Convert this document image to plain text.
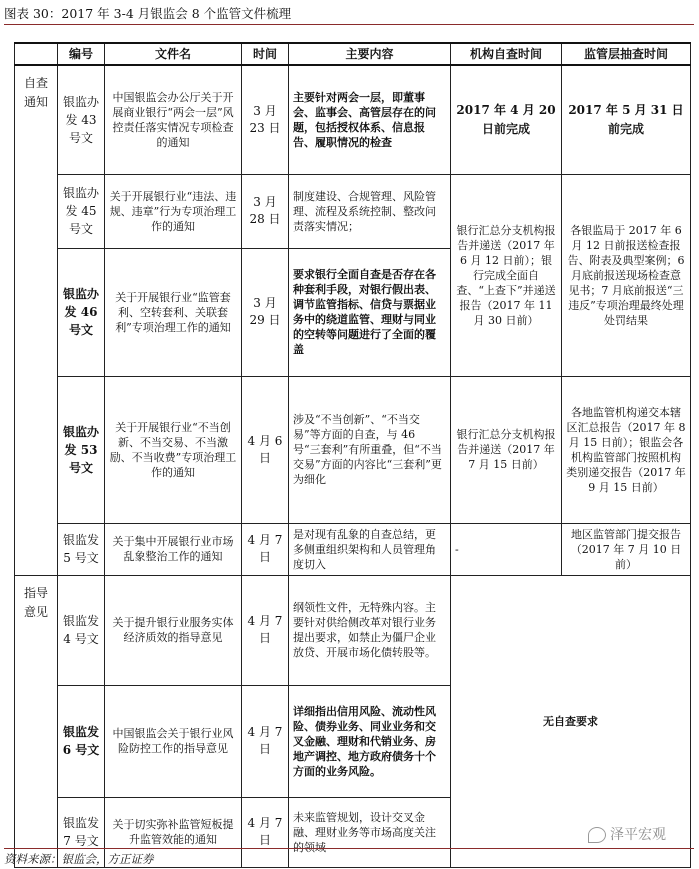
图表 30：2017 年 3-4 月银监会 8 个监管文件梳理
	编号	文件名	时间	主要内容	机构自查时间	监管层抽查时间
自查通知	银监办发 43 号文	中国银监会办公厅关于开展商业银行“两会一层”风控责任落实情况专项检查的通知	3 月 23 日	主要针对两会一层，即董事会、监事会、高管层存在的问题，包括授权体系、信息报告、履职情况的检查	2017 年 4 月 20 日前完成	2017 年 5 月 31 日前完成
	银监办发 45 号文	关于开展银行业“违法、违规、违章”行为专项治理工作的通知	3 月 28 日	制度建设、合规管理、风险管理、流程及系统控制、整改问责落实情况；	银行汇总分支机构报告并递送（2017 年 6 月 12 日前）；银行完成全面自查、“上查下”并递送报告（2017 年 11 月 30 日前）	各银监局于 2017 年 6 月 12 日前报送检查报告、附表及典型案例；6 月底前报送现场检查意见书；7 月底前报送“三违反”专项治理最终处理处罚结果
	银监办发 46 号文	关于开展银行业“监管套利、空转套利、关联套利”专项治理工作的通知	3 月 29 日	要求银行全面自查是否存在各种套利手段，对银行假出表、调节监管指标、信贷与票据业务中的绕道监管、理财与同业的空转等问题进行了全面的覆盖		
	银监办发 53 号文	关于开展银行业“不当创新、不当交易、不当激励、不当收费”专项治理工作的通知	4 月 6 日	涉及“不当创新”、“不当交易”等方面的自查，与 46 号“三套利”有所重叠，但“不当交易”方面的内容比“三套利”更为细化	银行汇总分支机构报告并递送（2017 年 7 月 15 日前）	各地监管机构递交本辖区汇总报告（2017 年 8 月 15 日前）；银监会各机构监管部门按照机构类别递交报告（2017 年 9 月 15 日前）
	银监发 5 号文	关于集中开展银行业市场乱象整治工作的通知	4 月 7 日	是对现有乱象的自查总结，更多侧重组织架构和人员管理角度切入	-	地区监管部门提交报告（2017 年 7 月 10 日前）
指导意见	银监发 4 号文	关于提升银行业服务实体经济质效的指导意见	4 月 7 日	纲领性文件，无特殊内容。主要针对供给侧改革对银行业务提出要求，如禁止为僵尸企业放贷、开展市场化债转股等。	无自查要求	
	银监发 6 号文	中国银监会关于银行业风险防控工作的指导意见	4 月 7 日	详细指出信用风险、流动性风险、债券业务、同业业务和交叉金融、理财和代销业务、房地产调控、地方政府债务十个方面的业务风险。		
	银监发 7 号文	关于切实弥补监管短板提升监管效能的通知	4 月 7 日	未来监管规划，设计交叉金融、理财业务等市场高度关注的领域		
泽平宏观
资料来源：银监会，方正证券
